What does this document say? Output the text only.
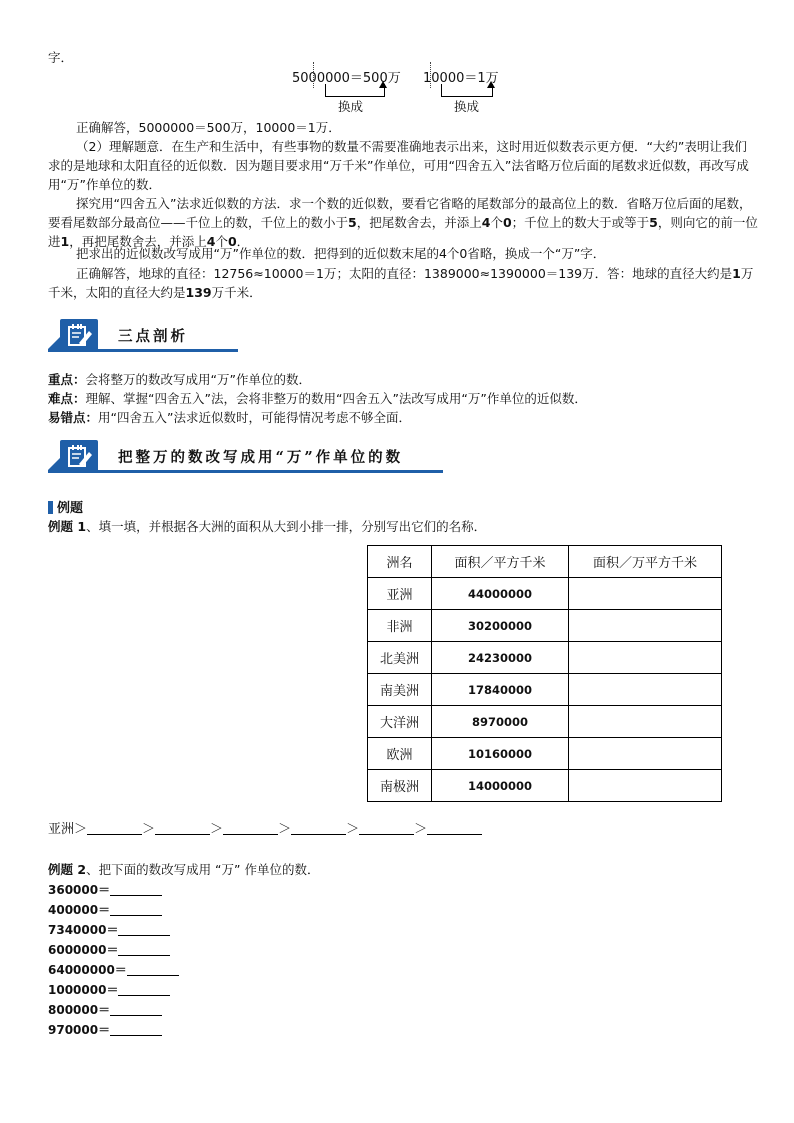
字．
5000000＝500万
换成
10000＝1万
换成
正确解答，5000000＝500万，10000＝1万．
（2）理解题意．在生产和生活中，有些事物的数量不需要准确地表示出来，这时用近似数表示更方便．“大约”表明让我们求的是地球和太阳直径的近似数．因为题目要求用“万千米”作单位，可用“四舍五入”法省略万位后面的尾数求近似数，再改写成用“万”作单位的数．
探究用“四舍五入”法求近似数的方法．求一个数的近似数，要看它省略的尾数部分的最高位上的数．省略万位后面的尾数，要看尾数部分最高位——千位上的数，千位上的数小于5，把尾数舍去，并添上4个0；千位上的数大于或等于5，则向它的前一位进1，再把尾数舍去，并添上4个0．
把求出的近似数改写成用“万”作单位的数．把得到的近似数末尾的4个0省略，换成一个“万”字．
正确解答，地球的直径：12756≈10000＝1万；太阳的直径：1389000≈1390000＝139万．答：地球的直径大约是1万千米，太阳的直径大约是139万千米．
三点剖析
重点：会将整万的数改写成用“万”作单位的数．
难点：理解、掌握“四舍五入”法，会将非整万的数用“四舍五入”法改写成用“万”作单位的近似数．
易错点：用“四舍五入”法求近似数时，可能得情况考虑不够全面．
把整万的数改写成用“万”作单位的数
例题
例题 1、填一填，并根据各大洲的面积从大到小排一排，分别写出它们的名称．
洲名	面积／平方千米	面积／万平方千米
亚洲	44000000	
非洲	30200000	
北美洲	24230000	
南美洲	17840000	
大洋洲	8970000	
欧洲	10160000	
南极洲	14000000	
亚洲＞	＞	＞	＞	＞	＞
例题 2、把下面的数改写成用 “万” 作单位的数．
360000＝
400000＝
7340000＝
6000000＝
64000000＝
1000000＝
800000＝
970000＝
